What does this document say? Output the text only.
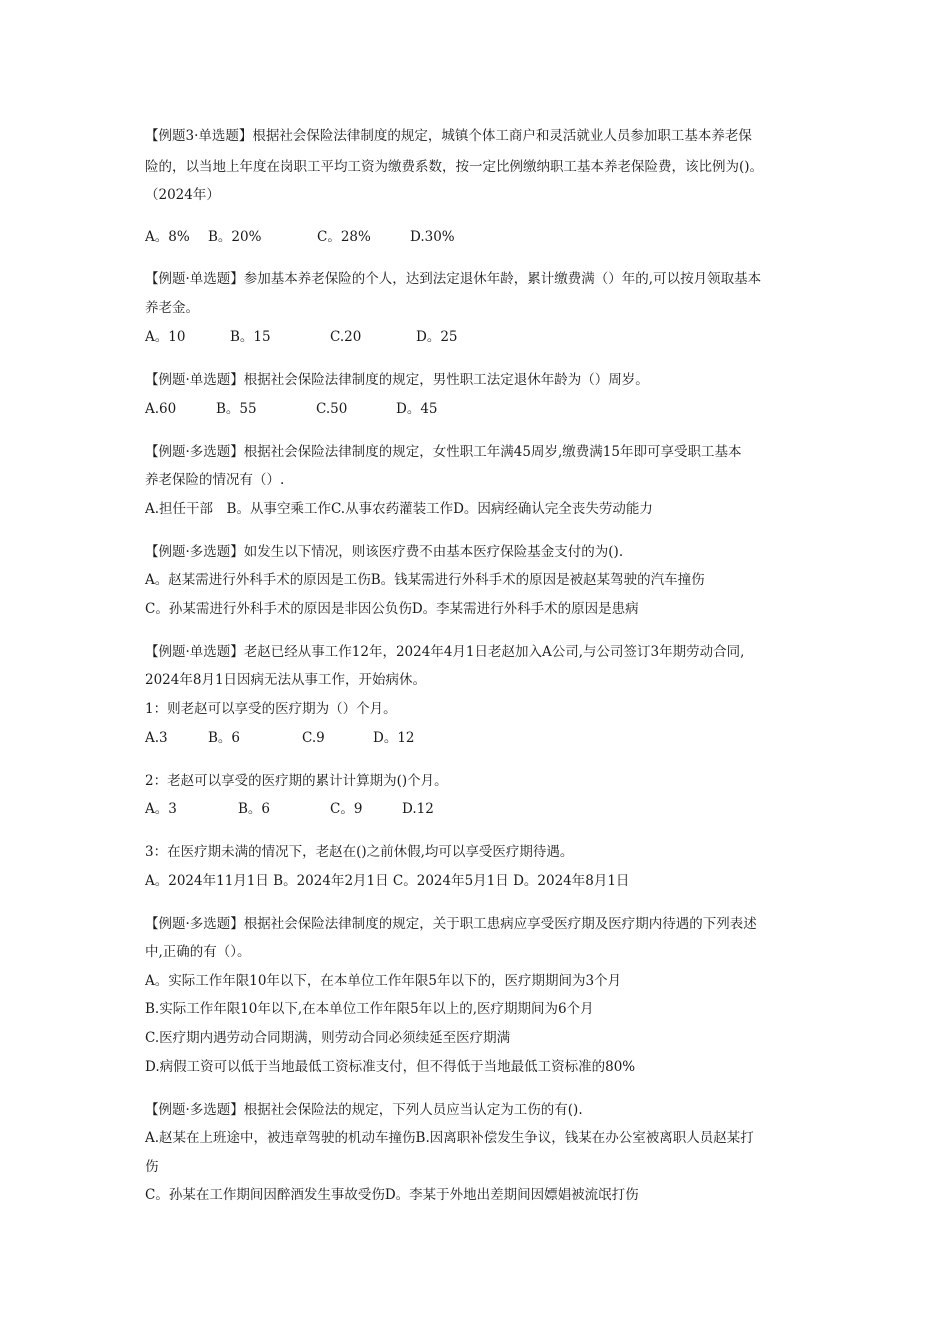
【例题3·单选题】根据社会保险法律制度的规定，城镇个体工商户和灵活就业人员参加职工基本养老保
险的，以当地上年度在岗职工平均工资为缴费系数，按一定比例缴纳职工基本养老保险费，该比例为()。
（2024年）
A。8% B。20%	C。28%	D.30%
【例题·单选题】参加基本养老保险的个人，达到法定退休年龄，累计缴费满（）年的,可以按月领取基本
养老金。
A。10	B。15	C.20	D。25
【例题·单选题】根据社会保险法律制度的规定，男性职工法定退休年龄为（）周岁。
A.60	B。55	C.50	D。45
【例题·多选题】根据社会保险法律制度的规定，女性职工年满45周岁,缴费满15年即可享受职工基本
养老保险的情况有（）.
A.担任干部　B。从事空乘工作C.从事农药灌装工作D。因病经确认完全丧失劳动能力
【例题·多选题】如发生以下情况，则该医疗费不由基本医疗保险基金支付的为().
A。赵某需进行外科手术的原因是工伤B。钱某需进行外科手术的原因是被赵某驾驶的汽车撞伤
C。孙某需进行外科手术的原因是非因公负伤D。李某需进行外科手术的原因是患病
【例题·单选题】老赵已经从事工作12年，2024年4月1日老赵加入A公司,与公司签订3年期劳动合同,
2024年8月1日因病无法从事工作，开始病休。
1：则老赵可以享受的医疗期为（）个月。
A.3	B。6	C.9	D。12
2：老赵可以享受的医疗期的累计计算期为()个月。
A。3	B。6	C。9	D.12
3：在医疗期未满的情况下，老赵在()之前休假,均可以享受医疗期待遇。
A。2024年11月1日 B。2024年2月1日 C。2024年5月1日 D。2024年8月1日
【例题·多选题】根据社会保险法律制度的规定，关于职工患病应享受医疗期及医疗期内待遇的下列表述
中,正确的有（）。
A。实际工作年限10年以下，在本单位工作年限5年以下的，医疗期期间为3个月
B.实际工作年限10年以下,在本单位工作年限5年以上的,医疗期期间为6个月
C.医疗期内遇劳动合同期满，则劳动合同必须续延至医疗期满
D.病假工资可以低于当地最低工资标准支付，但不得低于当地最低工资标准的80%
【例题·多选题】根据社会保险法的规定，下列人员应当认定为工伤的有().
A.赵某在上班途中，被违章驾驶的机动车撞伤B.因离职补偿发生争议，钱某在办公室被离职人员赵某打
伤
C。孙某在工作期间因醉酒发生事故受伤D。李某于外地出差期间因嫖娼被流氓打伤
